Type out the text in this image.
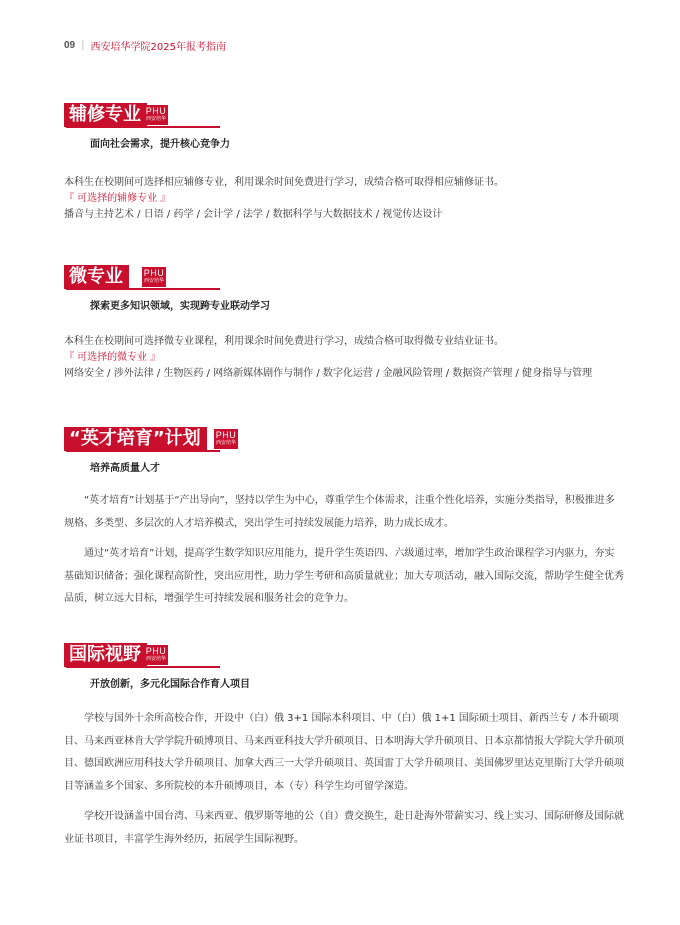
09 | 西安培华学院2025年报考指南
辅修专业 PHU
西安培华
面向社会需求，提升核心竞争力
本科生在校期间可选择相应辅修专业，利用课余时间免费进行学习，成绩合格可取得相应辅修证书。
『 可选择的辅修专业 』
播音与主持艺术 / 日语 / 药学 / 会计学 / 法学 / 数据科学与大数据技术 / 视觉传达设计
微专业	PHU
西安培华
探索更多知识领域，实现跨专业联动学习
本科生在校期间可选择微专业课程，利用课余时间免费进行学习，成绩合格可取得微专业结业证书。
『 可选择的微专业 』
网络安全 / 涉外法律 / 生物医药 / 网络新媒体剧作与制作 / 数字化运营 / 金融风险管理 / 数据资产管理 / 健身指导与管理
“英才培育”计划	PHU
西安培华
培养高质量人才

“英才培育”计划基于“产出导向”，坚持以学生为中心，尊重学生个体需求，注重个性化培养，实施分类指导，积极推进多规格、多类型、多层次的人才培养模式，突出学生可持续发展能力培养，助力成长成才。

通过“英才培育”计划，提高学生数学知识应用能力，提升学生英语四、六级通过率，增加学生政治课程学习内驱力，夯实基础知识储备；强化课程高阶性，突出应用性，助力学生考研和高质量就业；加大专项活动，融入国际交流，帮助学生健全优秀品质，树立远大目标，增强学生可持续发展和服务社会的竞争力。

国际视野 PHU
西安培华
开放创新，多元化国际合作育人项目

学校与国外十余所高校合作，开设中（白）俄 3+1 国际本科项目、中（白）俄 1+1 国际硕士项目、新西兰专 / 本升硕项目、马来西亚林肯大学学院升硕博项目、马来西亚科技大学升硕项目、日本明海大学升硕项目、日本京都情报大学院大学升硕项目、德国欧洲应用科技大学升硕项目、加拿大西三一大学升硕项目、英国雷丁大学升硕项目、美国佛罗里达克里斯汀大学升硕项目等涵盖多个国家、多所院校的本升硕博项目，本（专）科学生均可留学深造。

学校开设涵盖中国台湾、马来西亚、俄罗斯等地的公（自）费交换生，赴日赴海外带薪实习、线上实习、国际研修及国际就业证书项目，丰富学生海外经历，拓展学生国际视野。
